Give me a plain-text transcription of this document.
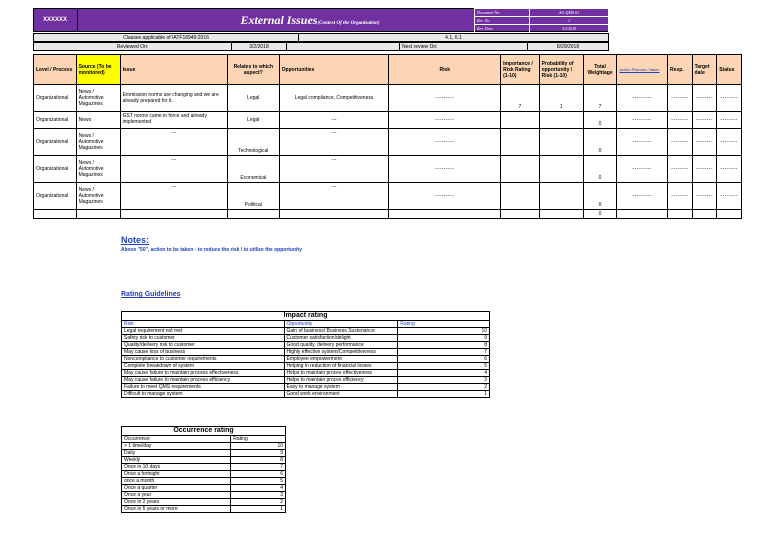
XXXXXX	External Issues(Context Of the Organization)
Document No:	AG-QMS-01
Rev. No.	1
Rev. Date:	3/2/2018
Clauses applicable of IATF16949:2016	4.1, 6.1
Reviewed On:	3/2/2018		Next review On:	8/29/2018
Level / Process	Source (To be monitored)	Issue	Relates to which aspect?	Opportunities	Risk	Importance / Risk Rating (1-10)	Probability of opportunity / Risk (1-10)	Total Weightage	Action Planned / taken	Resp.	Target date	Status
Organizational	News / Automotive Magazines	Emmission norms are changing and we are already prepared for it.	Legal	Legal compliance, Competitiveness	---------	7	1	7	---------	--------	--------	--------
Organizational	News	GST norms came in force and already implemented	Legal	---	---------			0	---------	--------	--------	--------
Organizational	News / Automotive Magazines	---	Technological	---	---------			0	---------	--------	--------	--------
Organizational	News / Automotive Magazines	---	Economical	---	---------			0	---------	--------	--------	--------
Organizational	News / Automotive Magazines	---	Political	---	---------			0	---------	--------	--------	--------
								0				
Notes:
Above "50", action to be taken - to reduce the risk / to utilize the opportunity
Rating Guidelines
Impact rating		
Risk	Opportunity	Rating
Legal requirement not met	Gain of business/ Business Sustenance	10
Safety risk to customer	Customer satisfaction/delight	9
Quality/delivery risk to customer	Good quality, delivery performance	8
May cause loss of business	Highly effective system/Competitiveness	7
Noncompliance to customer requirements	Employee empowerment	6
Complete breakdown of system	Helping in reduction of financial losses	5
May cause failure to maintain process effectiveness	Helps to maintain proces effectiveness	4
May cause failure to maintain process efficiency	Helps to maintain proces efficiency	3
Failure to meet QMS requirements	Easy to manage system	2
Difficult to manage system	Good work environment	1
Occurrence rating	
Occurrence	Rating
> 1 time/day	10
Daily	9
Weekly	8
Once in 10 days	7
Once a fortnight	6
once a month	5
Once a quarter	4
Once a year	3
Once in 2 years	2
Once in 5 years or more	1
